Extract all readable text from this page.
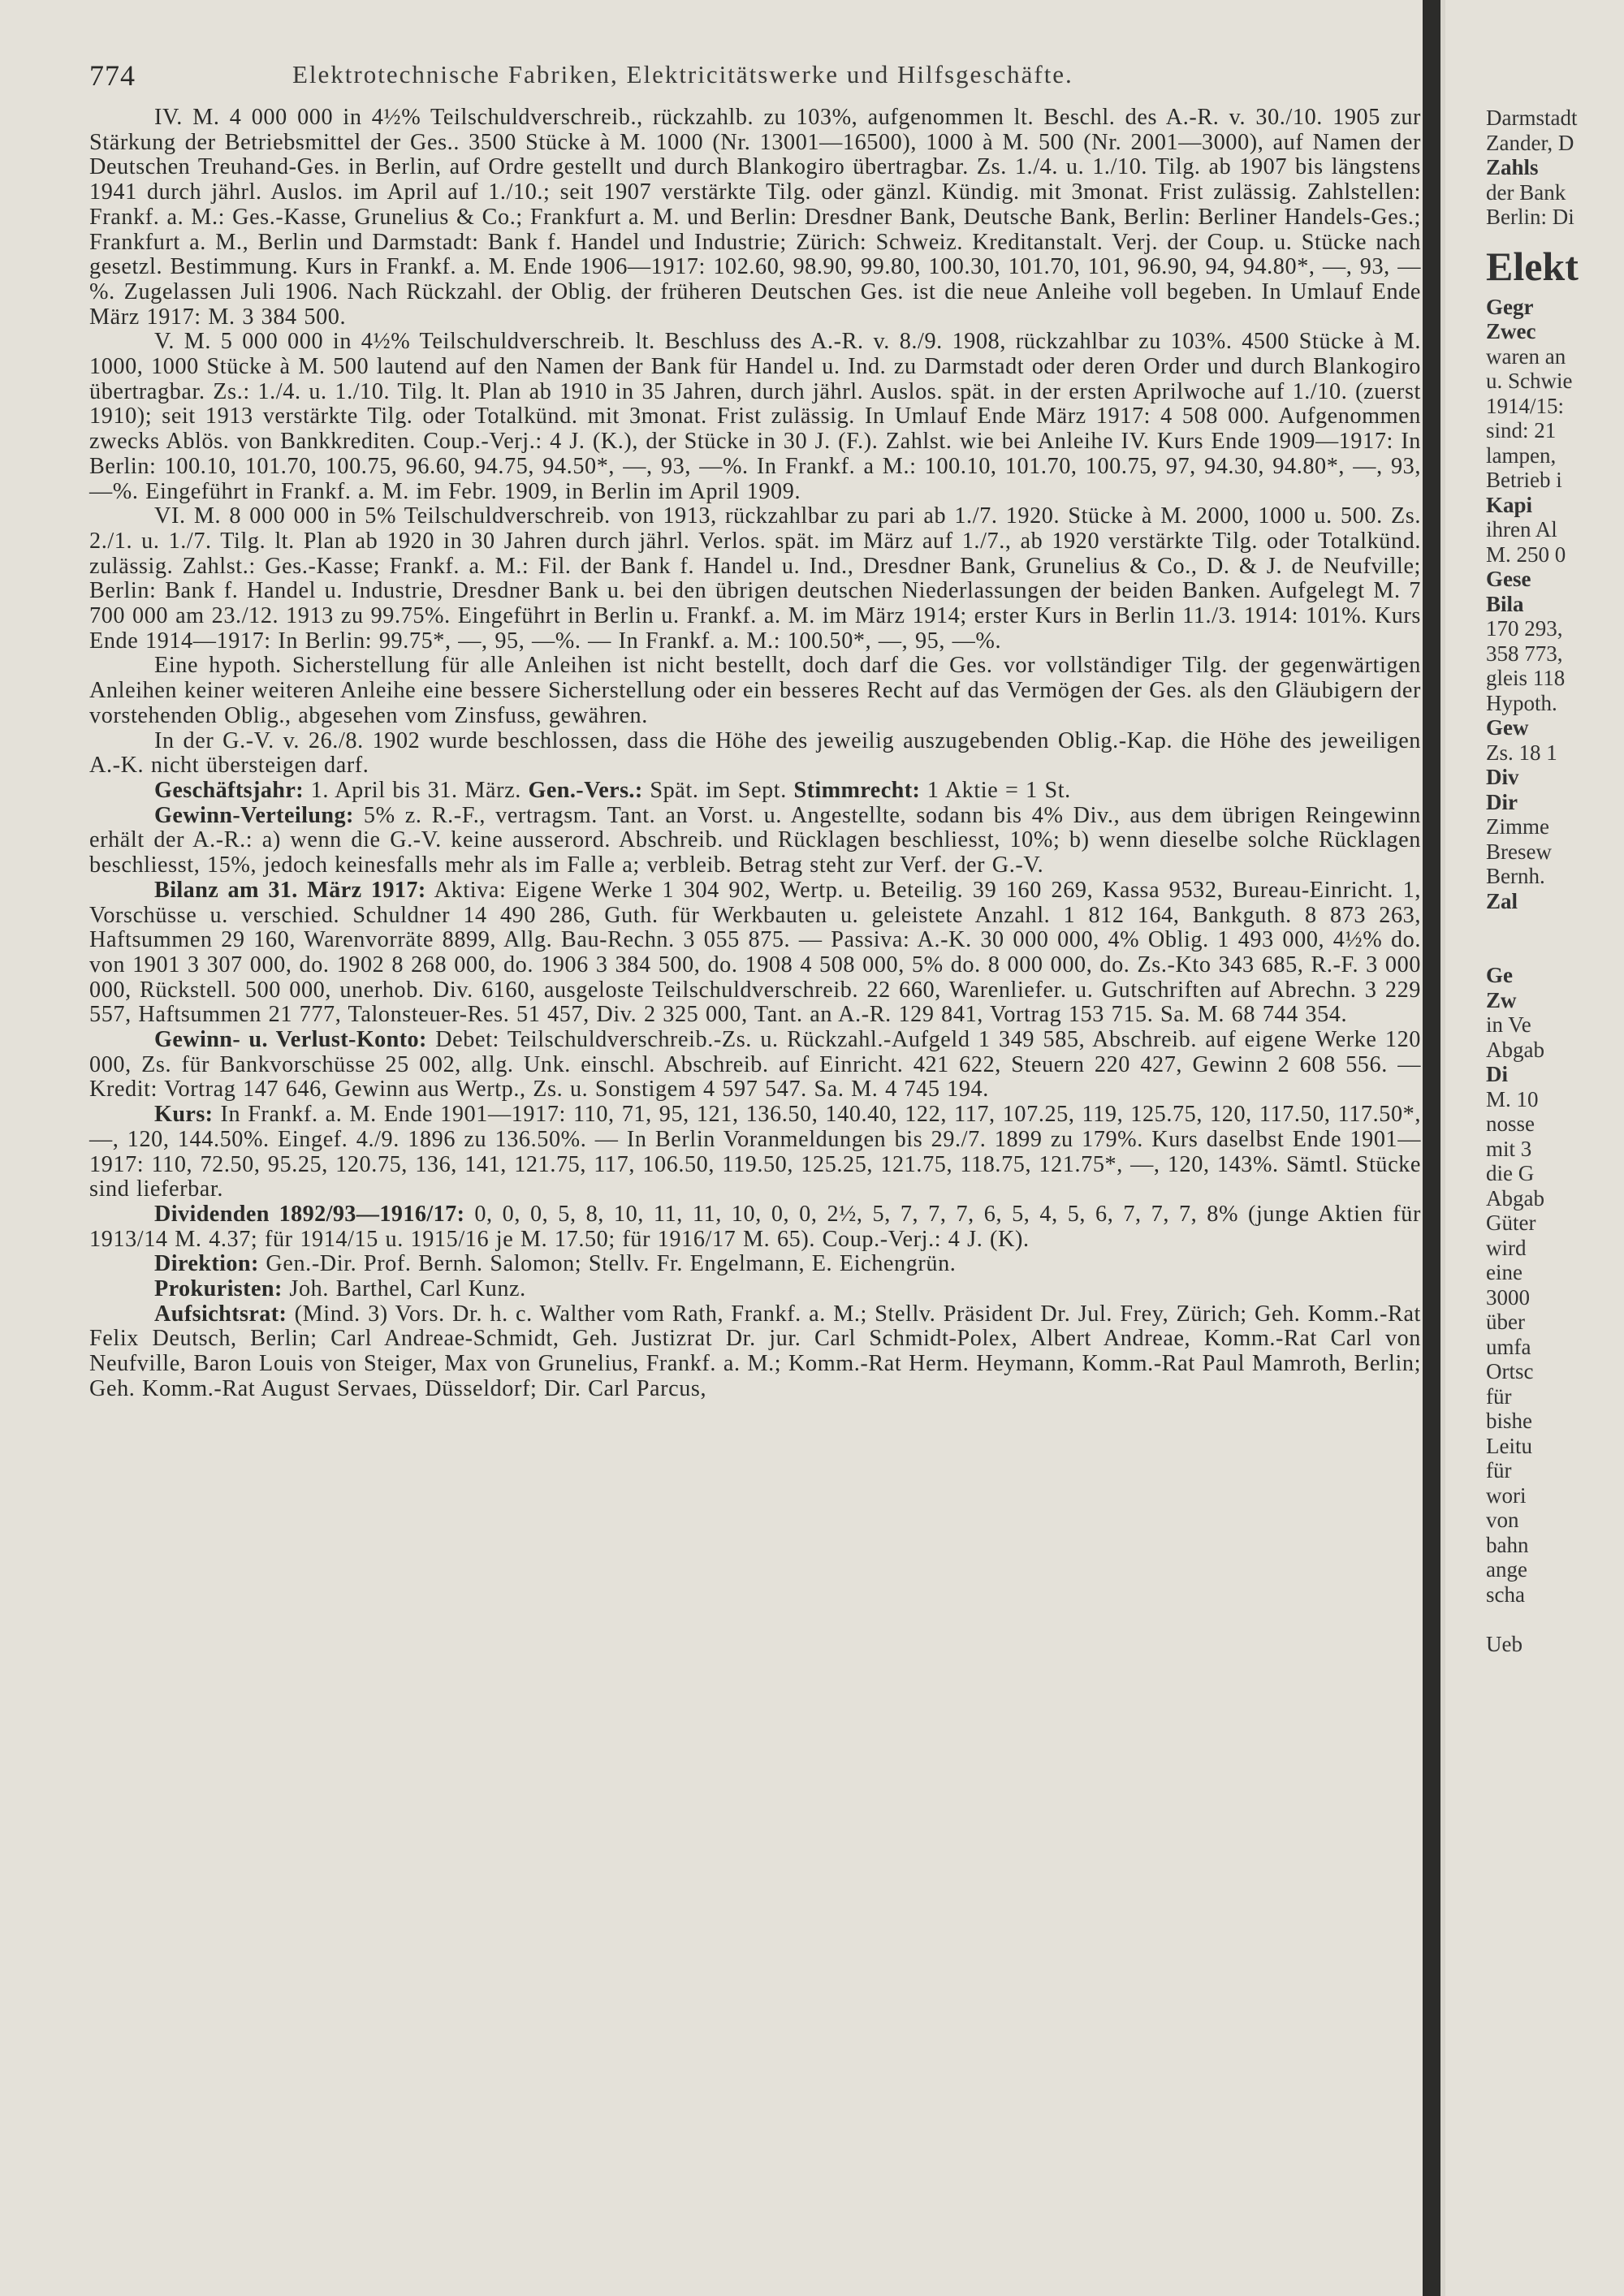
774	Elektrotechnische Fabriken, Elektricitätswerke und Hilfsgeschäfte.

IV. M. 4 000 000 in 4½% Teilschuldverschreib., rückzahlb. zu 103%, aufgenommen lt. Beschl. des A.-R. v. 30./10. 1905 zur Stärkung der Betriebsmittel der Ges.. 3500 Stücke à M. 1000 (Nr. 13001—16500), 1000 à M. 500 (Nr. 2001—3000), auf Namen der Deutschen Treuhand-Ges. in Berlin, auf Ordre gestellt und durch Blankogiro übertragbar. Zs. 1./4. u. 1./10. Tilg. ab 1907 bis längstens 1941 durch jährl. Auslos. im April auf 1./10.; seit 1907 verstärkte Tilg. oder gänzl. Kündig. mit 3monat. Frist zulässig. Zahlstellen: Frankf. a. M.: Ges.-Kasse, Grunelius & Co.; Frankfurt a. M. und Berlin: Dresdner Bank, Deutsche Bank, Berlin: Berliner Handels-Ges.; Frankfurt a. M., Berlin und Darmstadt: Bank f. Handel und Industrie; Zürich: Schweiz. Kreditanstalt. Verj. der Coup. u. Stücke nach gesetzl. Bestimmung. Kurs in Frankf. a. M. Ende 1906—1917: 102.60, 98.90, 99.80, 100.30, 101.70, 101, 96.90, 94, 94.80*, —, 93, —%. Zugelassen Juli 1906. Nach Rückzahl. der Oblig. der früheren Deutschen Ges. ist die neue Anleihe voll begeben. In Umlauf Ende März 1917: M. 3 384 500.

V. M. 5 000 000 in 4½% Teilschuldverschreib. lt. Beschluss des A.-R. v. 8./9. 1908, rückzahlbar zu 103%. 4500 Stücke à M. 1000, 1000 Stücke à M. 500 lautend auf den Namen der Bank für Handel u. Ind. zu Darmstadt oder deren Order und durch Blankogiro übertragbar. Zs.: 1./4. u. 1./10. Tilg. lt. Plan ab 1910 in 35 Jahren, durch jährl. Auslos. spät. in der ersten Aprilwoche auf 1./10. (zuerst 1910); seit 1913 verstärkte Tilg. oder Totalkünd. mit 3monat. Frist zulässig. In Umlauf Ende März 1917: 4 508 000. Aufgenommen zwecks Ablös. von Bankkrediten. Coup.-Verj.: 4 J. (K.), der Stücke in 30 J. (F.). Zahlst. wie bei Anleihe IV. Kurs Ende 1909—1917: In Berlin: 100.10, 101.70, 100.75, 96.60, 94.75, 94.50*, —, 93, —%. In Frankf. a M.: 100.10, 101.70, 100.75, 97, 94.30, 94.80*, —, 93, —%. Eingeführt in Frankf. a. M. im Febr. 1909, in Berlin im April 1909.

VI. M. 8 000 000 in 5% Teilschuldverschreib. von 1913, rückzahlbar zu pari ab 1./7. 1920. Stücke à M. 2000, 1000 u. 500. Zs. 2./1. u. 1./7. Tilg. lt. Plan ab 1920 in 30 Jahren durch jährl. Verlos. spät. im März auf 1./7., ab 1920 verstärkte Tilg. oder Totalkünd. zulässig. Zahlst.: Ges.-Kasse; Frankf. a. M.: Fil. der Bank f. Handel u. Ind., Dresdner Bank, Grunelius & Co., D. & J. de Neufville; Berlin: Bank f. Handel u. Industrie, Dresdner Bank u. bei den übrigen deutschen Niederlassungen der beiden Banken. Aufgelegt M. 7 700 000 am 23./12. 1913 zu 99.75%. Eingeführt in Berlin u. Frankf. a. M. im März 1914; erster Kurs in Berlin 11./3. 1914: 101%. Kurs Ende 1914—1917: In Berlin: 99.75*, —, 95, —%. — In Frankf. a. M.: 100.50*, —, 95, —%.

Eine hypoth. Sicherstellung für alle Anleihen ist nicht bestellt, doch darf die Ges. vor vollständiger Tilg. der gegenwärtigen Anleihen keiner weiteren Anleihe eine bessere Sicherstellung oder ein besseres Recht auf das Vermögen der Ges. als den Gläubigern der vorstehenden Oblig., abgesehen vom Zinsfuss, gewähren.

In der G.-V. v. 26./8. 1902 wurde beschlossen, dass die Höhe des jeweilig auszugebenden Oblig.-Kap. die Höhe des jeweiligen A.-K. nicht übersteigen darf.

Geschäftsjahr: 1. April bis 31. März. Gen.-Vers.: Spät. im Sept. Stimmrecht: 1 Aktie = 1 St.

Gewinn-Verteilung: 5% z. R.-F., vertragsm. Tant. an Vorst. u. Angestellte, sodann bis 4% Div., aus dem übrigen Reingewinn erhält der A.-R.: a) wenn die G.-V. keine ausserord. Abschreib. und Rücklagen beschliesst, 10%; b) wenn dieselbe solche Rücklagen beschliesst, 15%, jedoch keinesfalls mehr als im Falle a; verbleib. Betrag steht zur Verf. der G.-V.

Bilanz am 31. März 1917: Aktiva: Eigene Werke 1 304 902, Wertp. u. Beteilig. 39 160 269, Kassa 9532, Bureau-Einricht. 1, Vorschüsse u. verschied. Schuldner 14 490 286, Guth. für Werkbauten u. geleistete Anzahl. 1 812 164, Bankguth. 8 873 263, Haftsummen 29 160, Warenvorräte 8899, Allg. Bau-Rechn. 3 055 875. — Passiva: A.-K. 30 000 000, 4% Oblig. 1 493 000, 4½% do. von 1901 3 307 000, do. 1902 8 268 000, do. 1906 3 384 500, do. 1908 4 508 000, 5% do. 8 000 000, do. Zs.-Kto 343 685, R.-F. 3 000 000, Rückstell. 500 000, unerhob. Div. 6160, ausgeloste Teilschuldverschreib. 22 660, Warenliefer. u. Gutschriften auf Abrechn. 3 229 557, Haftsummen 21 777, Talonsteuer-Res. 51 457, Div. 2 325 000, Tant. an A.-R. 129 841, Vortrag 153 715. Sa. M. 68 744 354.

Gewinn- u. Verlust-Konto: Debet: Teilschuldverschreib.-Zs. u. Rückzahl.-Aufgeld 1 349 585, Abschreib. auf eigene Werke 120 000, Zs. für Bankvorschüsse 25 002, allg. Unk. einschl. Abschreib. auf Einricht. 421 622, Steuern 220 427, Gewinn 2 608 556. — Kredit: Vortrag 147 646, Gewinn aus Wertp., Zs. u. Sonstigem 4 597 547. Sa. M. 4 745 194.

Kurs: In Frankf. a. M. Ende 1901—1917: 110, 71, 95, 121, 136.50, 140.40, 122, 117, 107.25, 119, 125.75, 120, 117.50, 117.50*, —, 120, 144.50%. Eingef. 4./9. 1896 zu 136.50%. — In Berlin Voranmeldungen bis 29./7. 1899 zu 179%. Kurs daselbst Ende 1901—1917: 110, 72.50, 95.25, 120.75, 136, 141, 121.75, 117, 106.50, 119.50, 125.25, 121.75, 118.75, 121.75*, —, 120, 143%. Sämtl. Stücke sind lieferbar.

Dividenden 1892/93—1916/17: 0, 0, 0, 5, 8, 10, 11, 11, 10, 0, 0, 2½, 5, 7, 7, 7, 6, 5, 4, 5, 6, 7, 7, 7, 8% (junge Aktien für 1913/14 M. 4.37; für 1914/15 u. 1915/16 je M. 17.50; für 1916/17 M. 65). Coup.-Verj.: 4 J. (K).

Direktion: Gen.-Dir. Prof. Bernh. Salomon; Stellv. Fr. Engelmann, E. Eichengrün.

Prokuristen: Joh. Barthel, Carl Kunz.

Aufsichtsrat: (Mind. 3) Vors. Dr. h. c. Walther vom Rath, Frankf. a. M.; Stellv. Präsident Dr. Jul. Frey, Zürich; Geh. Komm.-Rat Felix Deutsch, Berlin; Carl Andreae-Schmidt, Geh. Justizrat Dr. jur. Carl Schmidt-Polex, Albert Andreae, Komm.-Rat Carl von Neufville, Baron Louis von Steiger, Max von Grunelius, Frankf. a. M.; Komm.-Rat Herm. Heymann, Komm.-Rat Paul Mamroth, Berlin; Geh. Komm.-Rat August Servaes, Düsseldorf; Dir. Carl Parcus,

Darmstadt
Zander, D
Zahls
der Bank
Berlin: Di
Elekt
Gegr
Zwec
waren an
u. Schwie
1914/15:
sind: 21
lampen,
Betrieb i
Kapi
ihren Al
M. 250 0
Gese
Bila
170 293,
358 773,
gleis 118
Hypoth.
Gew
Zs. 18 1
Div
Dir
Zimme
Bresew
Bernh.
Zal
Ge
Zw
in Ve
Abgab
Di
M. 10
nosse
mit 3
die G
Abgab
Güter
wird
eine
3000
über
umfa
Ortsc
für
bishe
Leitu
für
wori
von
bahn
ange
scha
Ueb
